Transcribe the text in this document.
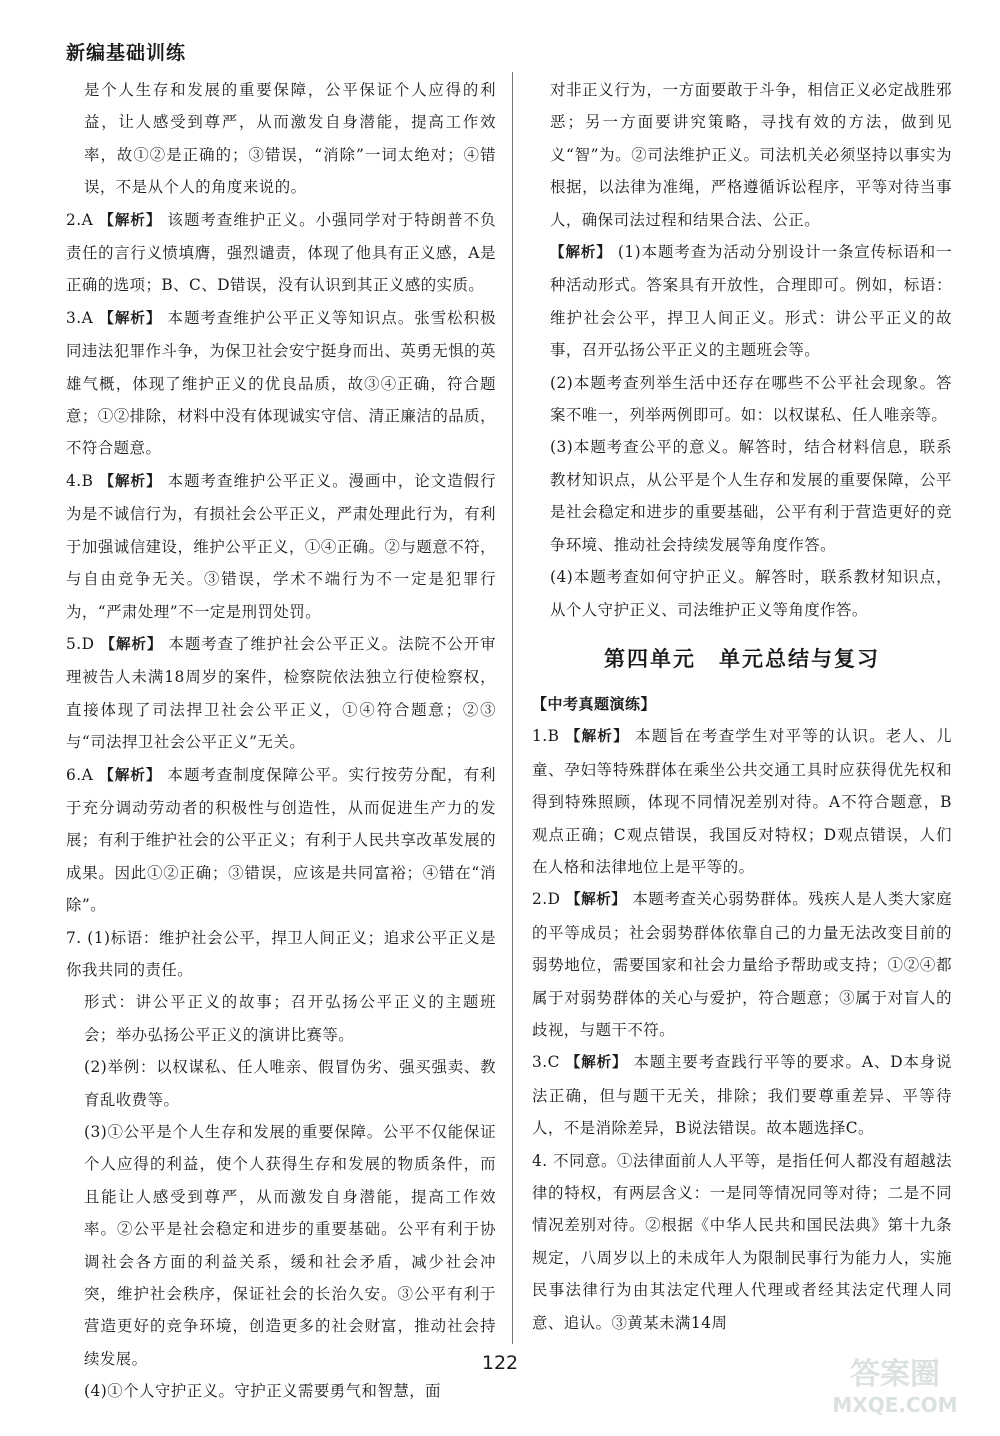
新编基础训练

是个人生存和发展的重要保障，公平保证个人应得的利益，让人感受到尊严，从而激发自身潜能，提高工作效率，故①②是正确的；③错误，“消除”一词太绝对；④错误，不是从个人的角度来说的。

2.A 【解析】 该题考查维护正义。小强同学对于特朗普不负责任的言行义愤填膺，强烈谴责，体现了他具有正义感，A是正确的选项；B、C、D错误，没有认识到其正义感的实质。

3.A 【解析】 本题考查维护公平正义等知识点。张雪松积极同违法犯罪作斗争，为保卫社会安宁挺身而出、英勇无惧的英雄气概，体现了维护正义的优良品质，故③④正确，符合题意；①②排除，材料中没有体现诚实守信、清正廉洁的品质，不符合题意。

4.B 【解析】 本题考查维护公平正义。漫画中，论文造假行为是不诚信行为，有损社会公平正义，严肃处理此行为，有利于加强诚信建设，维护公平正义，①④正确。②与题意不符，与自由竞争无关。③错误，学术不端行为不一定是犯罪行为，“严肃处理”不一定是刑罚处罚。

5.D 【解析】 本题考查了维护社会公平正义。法院不公开审理被告人未满18周岁的案件，检察院依法独立行使检察权，直接体现了司法捍卫社会公平正义，①④符合题意；②③与“司法捍卫社会公平正义”无关。

6.A 【解析】 本题考查制度保障公平。实行按劳分配，有利于充分调动劳动者的积极性与创造性，从而促进生产力的发展；有利于维护社会的公平正义；有利于人民共享改革发展的成果。因此①②正确；③错误，应该是共同富裕；④错在“消除”。

7. (1)标语：维护社会公平，捍卫人间正义；追求公平正义是你我共同的责任。

形式：讲公平正义的故事；召开弘扬公平正义的主题班会；举办弘扬公平正义的演讲比赛等。

(2)举例：以权谋私、任人唯亲、假冒伪劣、强买强卖、教育乱收费等。

(3)①公平是个人生存和发展的重要保障。公平不仅能保证个人应得的利益，使个人获得生存和发展的物质条件，而且能让人感受到尊严，从而激发自身潜能，提高工作效率。②公平是社会稳定和进步的重要基础。公平有利于协调社会各方面的利益关系，缓和社会矛盾，减少社会冲突，维护社会秩序，保证社会的长治久安。③公平有利于营造更好的竞争环境，创造更多的社会财富，推动社会持续发展。

(4)①个人守护正义。守护正义需要勇气和智慧，面

对非正义行为，一方面要敢于斗争，相信正义必定战胜邪恶；另一方面要讲究策略，寻找有效的方法，做到见义“智”为。②司法维护正义。司法机关必须坚持以事实为根据，以法律为准绳，严格遵循诉讼程序，平等对待当事人，确保司法过程和结果合法、公正。

【解析】 (1)本题考查为活动分别设计一条宣传标语和一种活动形式。答案具有开放性，合理即可。例如，标语：维护社会公平，捍卫人间正义。形式：讲公平正义的故事，召开弘扬公平正义的主题班会等。

(2)本题考查列举生活中还存在哪些不公平社会现象。答案不唯一，列举两例即可。如：以权谋私、任人唯亲等。

(3)本题考查公平的意义。解答时，结合材料信息，联系教材知识点，从公平是个人生存和发展的重要保障，公平是社会稳定和进步的重要基础，公平有利于营造更好的竞争环境、推动社会持续发展等角度作答。

(4)本题考查如何守护正义。解答时，联系教材知识点，从个人守护正义、司法维护正义等角度作答。

第四单元　单元总结与复习

【中考真题演练】

1.B 【解析】 本题旨在考查学生对平等的认识。老人、儿童、孕妇等特殊群体在乘坐公共交通工具时应获得优先权和得到特殊照顾，体现不同情况差别对待。A不符合题意，B观点正确；C观点错误，我国反对特权；D观点错误，人们在人格和法律地位上是平等的。

2.D 【解析】 本题考查关心弱势群体。残疾人是人类大家庭的平等成员；社会弱势群体依靠自己的力量无法改变目前的弱势地位，需要国家和社会力量给予帮助或支持；①②④都属于对弱势群体的关心与爱护，符合题意；③属于对盲人的歧视，与题干不符。

3.C 【解析】 本题主要考查践行平等的要求。A、D本身说法正确，但与题干无关，排除；我们要尊重差异、平等待人，不是消除差异，B说法错误。故本题选择C。

4. 不同意。①法律面前人人平等，是指任何人都没有超越法律的特权，有两层含义：一是同等情况同等对待；二是不同情况差别对待。②根据《中华人民共和国民法典》第十九条规定，八周岁以上的未成年人为限制民事行为能力人，实施民事法律行为由其法定代理人代理或者经其法定代理人同意、追认。③黄某未满14周

122	答案圈
MXQE.COM
